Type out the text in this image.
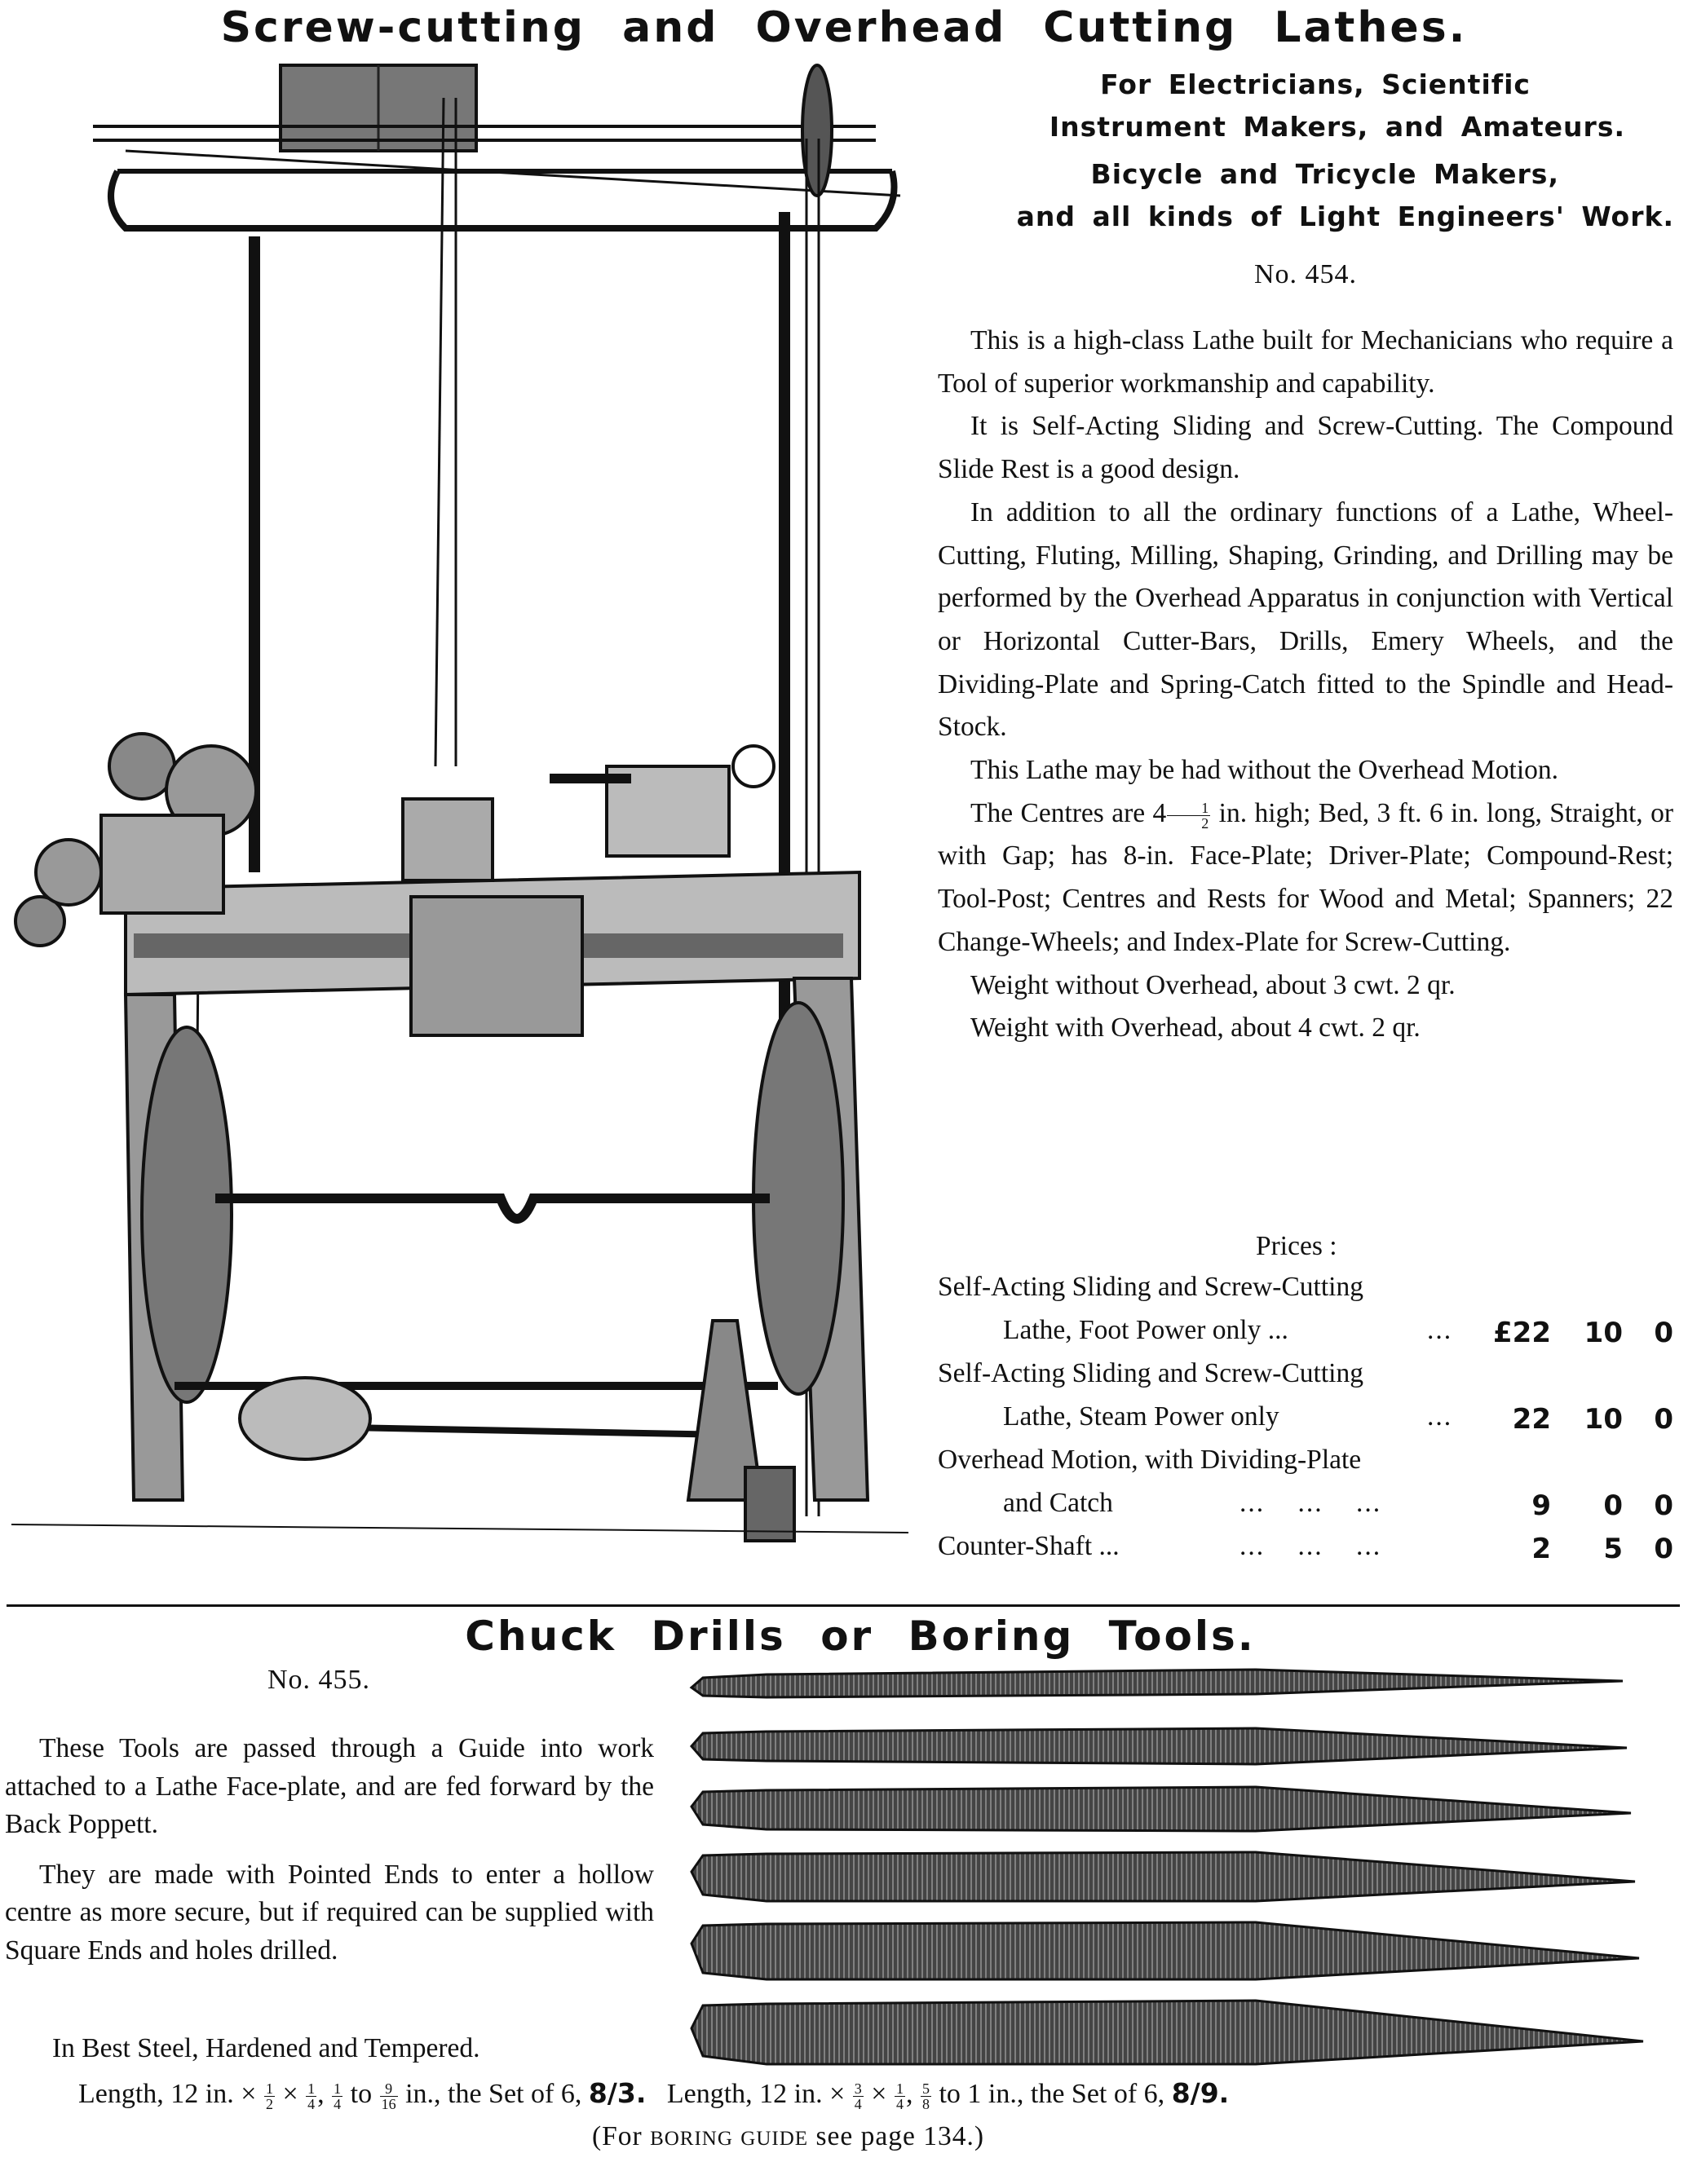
Screw-cutting and Overhead Cutting Lathes.
For Electricians, Scientific
Instrument Makers, and Amateurs.
Bicycle and Tricycle Makers,
and all kinds of Light Engineers' Work.
No. 454.

This is a high-class Lathe built for Mechanicians who require a Tool of superior workmanship and capability.

It is Self-Acting Sliding and Screw-Cutting. The Compound Slide Rest is a good design.

In addition to all the ordinary functions of a Lathe, Wheel-Cutting, Fluting, Milling, Shaping, Grinding, and Drilling may be performed by the Overhead Apparatus in conjunction with Vertical or Horizontal Cutter-Bars, Drills, Emery Wheels, and the Dividing-Plate and Spring-Catch fitted to the Spindle and Head-Stock.

This Lathe may be had without the Overhead Motion.

The Centres are $4 \frac{1}{2}$ in. high; Bed, 3 ft. 6 in. long, Straight, or with Gap; has 8-in. Face-Plate; Driver-Plate; Compound-Rest; Tool-Post; Centres and Rests for Wood and Metal; Spanners; 22 Change-Wheels; and Index-Plate for Screw-Cutting.

Weight without Overhead, about 3 cwt. 2 qr.

Weight with Overhead, about 4 cwt. 2 qr.

Prices :
Self-Acting Sliding and Screw-Cutting
Lathe, Foot Power only ...	... £22 10 0
Self-Acting Sliding and Screw-Cutting
Lathe, Steam Power only	... 22 10 0
Overhead Motion, with Dividing-Plate
and Catch	... ... ...	9 0 0
Counter-Shaft ...	... ... ...	2 5 0
Chuck Drills or Boring Tools.
No. 455.

These Tools are passed through a Guide into work attached to a Lathe Face-plate, and are fed forward by the Back Poppett.

They are made with Pointed Ends to enter a hollow centre as more secure, but if required can be supplied with Square Ends and holes drilled.

In Best Steel, Hardened and Tempered.
Length, 12 in. × $\frac{1}{2} \times \frac{1}{4}$ , $\frac{1}{4}$ to $\frac{9}{16}$ in., the Set of 6, 8/3. Length, 12 in. × $\frac{3}{4} \times \frac{1}{4}$ , $\frac{5}{8}$ to 1 in., the Set of 6, 8/9.
(For BORING GUIDE see page 134.)
